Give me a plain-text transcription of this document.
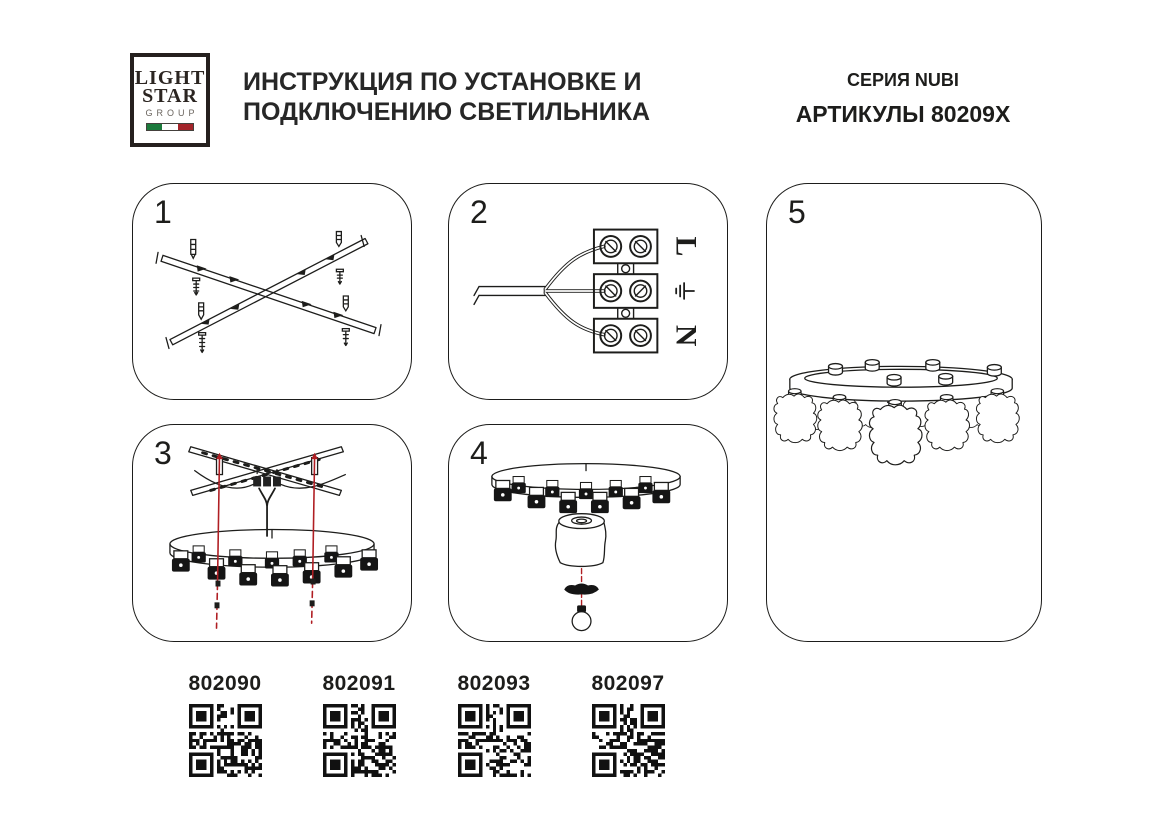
LIGHT
STAR
GROUP
ИНСТРУКЦИЯ ПО УСТАНОВКЕ И
ПОДКЛЮЧЕНИЮ СВЕТИЛЬНИКА
СЕРИЯ NUBI
АРТИКУЛЫ 80209X
1	2
L
N
3	4
5
802090	802091	802093	802097
